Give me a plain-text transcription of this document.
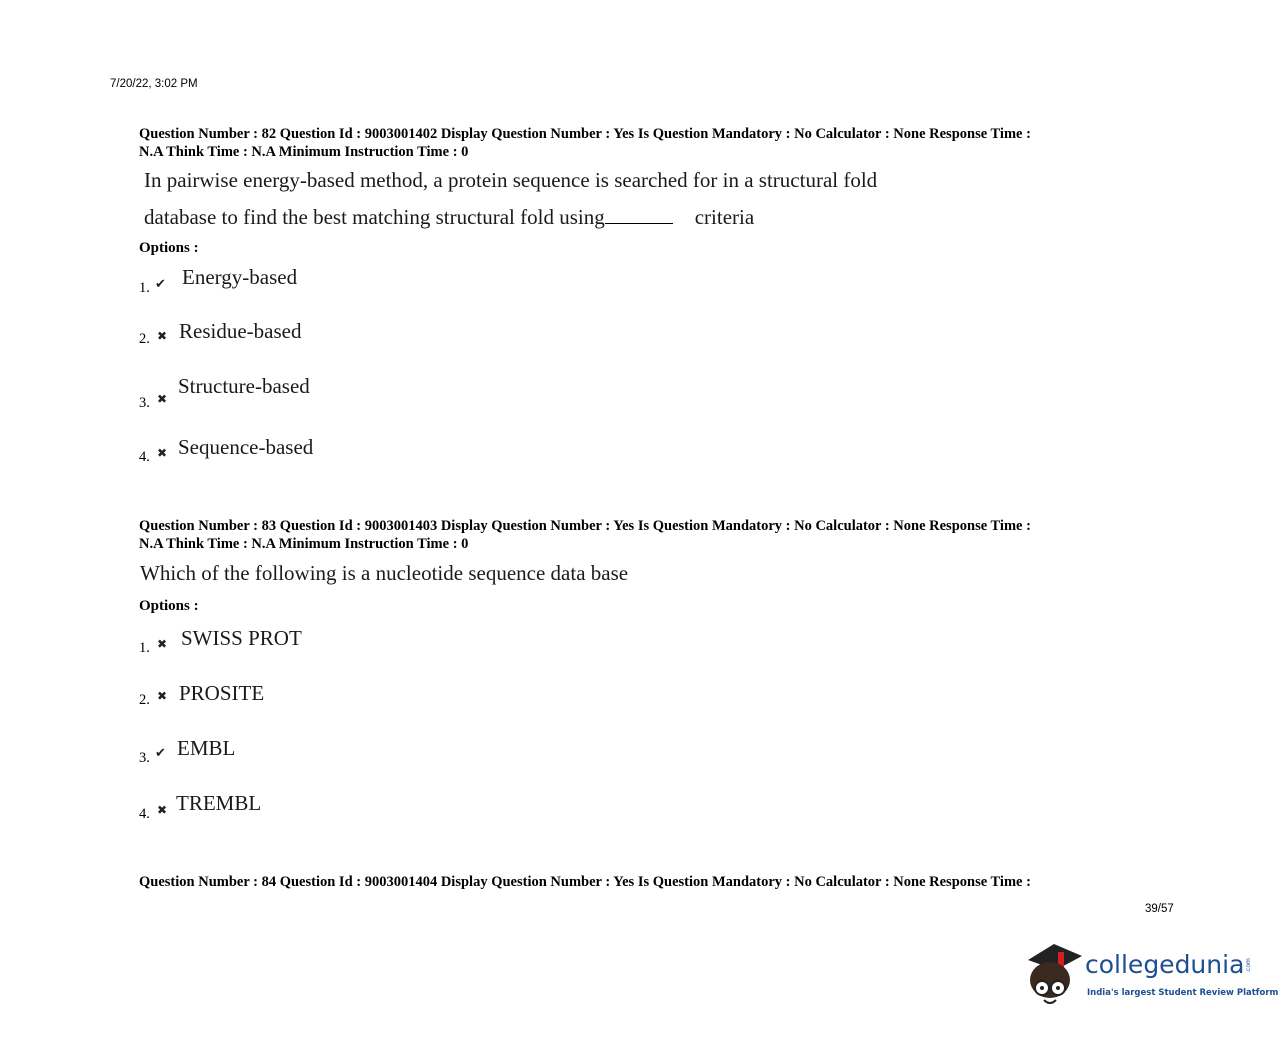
7/20/22, 3:02 PM
Question Number : 82 Question Id : 9003001402 Display Question Number : Yes Is Question Mandatory : No Calculator : None Response Time :
N.A Think Time : N.A Minimum Instruction Time : 0
In pairwise energy-based method, a protein sequence is searched for in a structural fold
database to find the best matching structural fold using	criteria
Options :
1. ✔ Energy-based
2. ✖ Residue-based
3. ✖
Structure-based
4. ✖ Sequence-based
Question Number : 83 Question Id : 9003001403 Display Question Number : Yes Is Question Mandatory : No Calculator : None Response Time :
N.A Think Time : N.A Minimum Instruction Time : 0
Which of the following is a nucleotide sequence data base
Options :
1. ✖ SWISS PROT
2. ✖ PROSITE
3. ✔ EMBL
4. ✖ TREMBL
Question Number : 84 Question Id : 9003001404 Display Question Number : Yes Is Question Mandatory : No Calculator : None Response Time :
39/57
collegedunia .com
India's largest Student Review Platform
